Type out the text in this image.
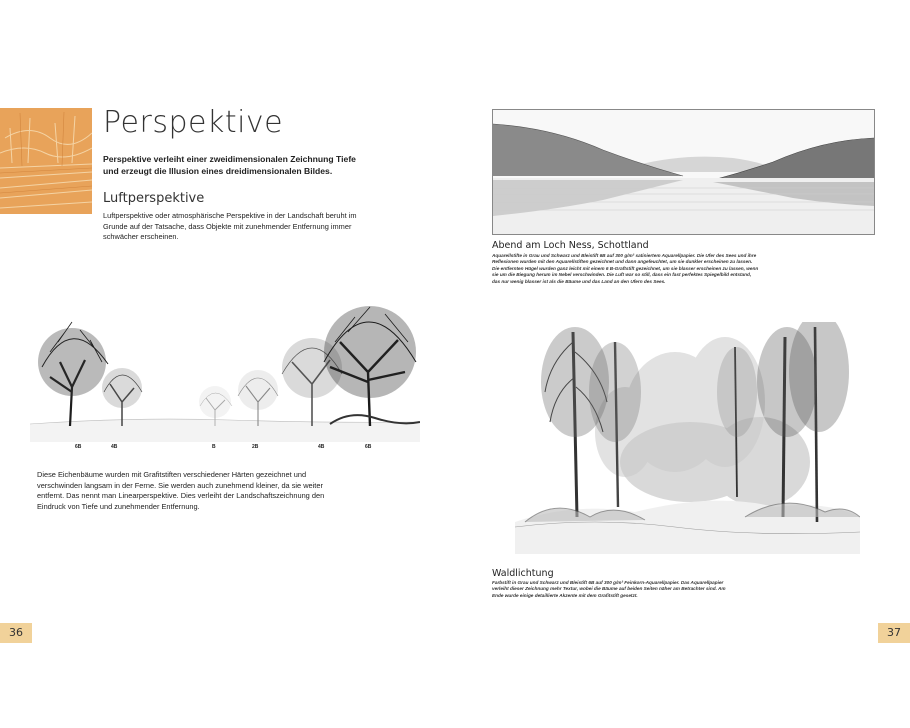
Perspektive
Perspektive verleiht einer zweidimensionalen Zeichnung Tiefe und erzeugt die Illusion eines dreidimensionalen Bildes.
Luftperspektive
Luftperspektive oder atmosphärische Perspektive in der Landschaft beruht im Grunde auf der Tatsache, dass Objekte mit zunehmender Entfernung immer schwächer erscheinen.
6B	4B	B	2B	4B	6B
Diese Eichenbäume wurden mit Grafitstiften verschiedener Härten gezeichnet und verschwinden langsam in der Ferne. Sie werden auch zunehmend kleiner, da sie weiter entfernt. Das nennt man Linearperspektive. Dies verleiht der Landschaftszeichnung den Eindruck von Tiefe und zunehmender Entfernung.
Abend am Loch Ness, Schottland
Aquarellstifte in Grau und Schwarz und Bleistift 6B auf 300 g/m² satiniertem Aquarellpapier. Die Ufer des Sees und ihre Reflexionen wurden mit den Aquarellstiften gezeichnet und dann angefeuchtet, um sie dunkler erscheinen zu lassen. Die entfernten Hügel wurden ganz leicht mit einem 6 B-Graftstift gezeichnet, um sie blasser erscheinen zu lassen, wenn sie um die Biegung herum im Nebel verschwinden. Die Luft war so still, dass ein fast perfektes Spiegelbild entstand, das nur wenig blasser ist als die Bäume und das Land an den Ufern des Sees.
Waldlichtung
Farbstift in Grau und Schwarz und Bleistift 6B auf 300 g/m² Feinkorn-Aquarellpapier. Das Aquarellpapier verleiht dieser Zeichnung mehr Textur, wobei die Bäume auf beiden Seiten näher am Betrachter sind. Am Ende wurde einige detaillierte Akzente mit dem Grafitstift gesetzt.
36	37
